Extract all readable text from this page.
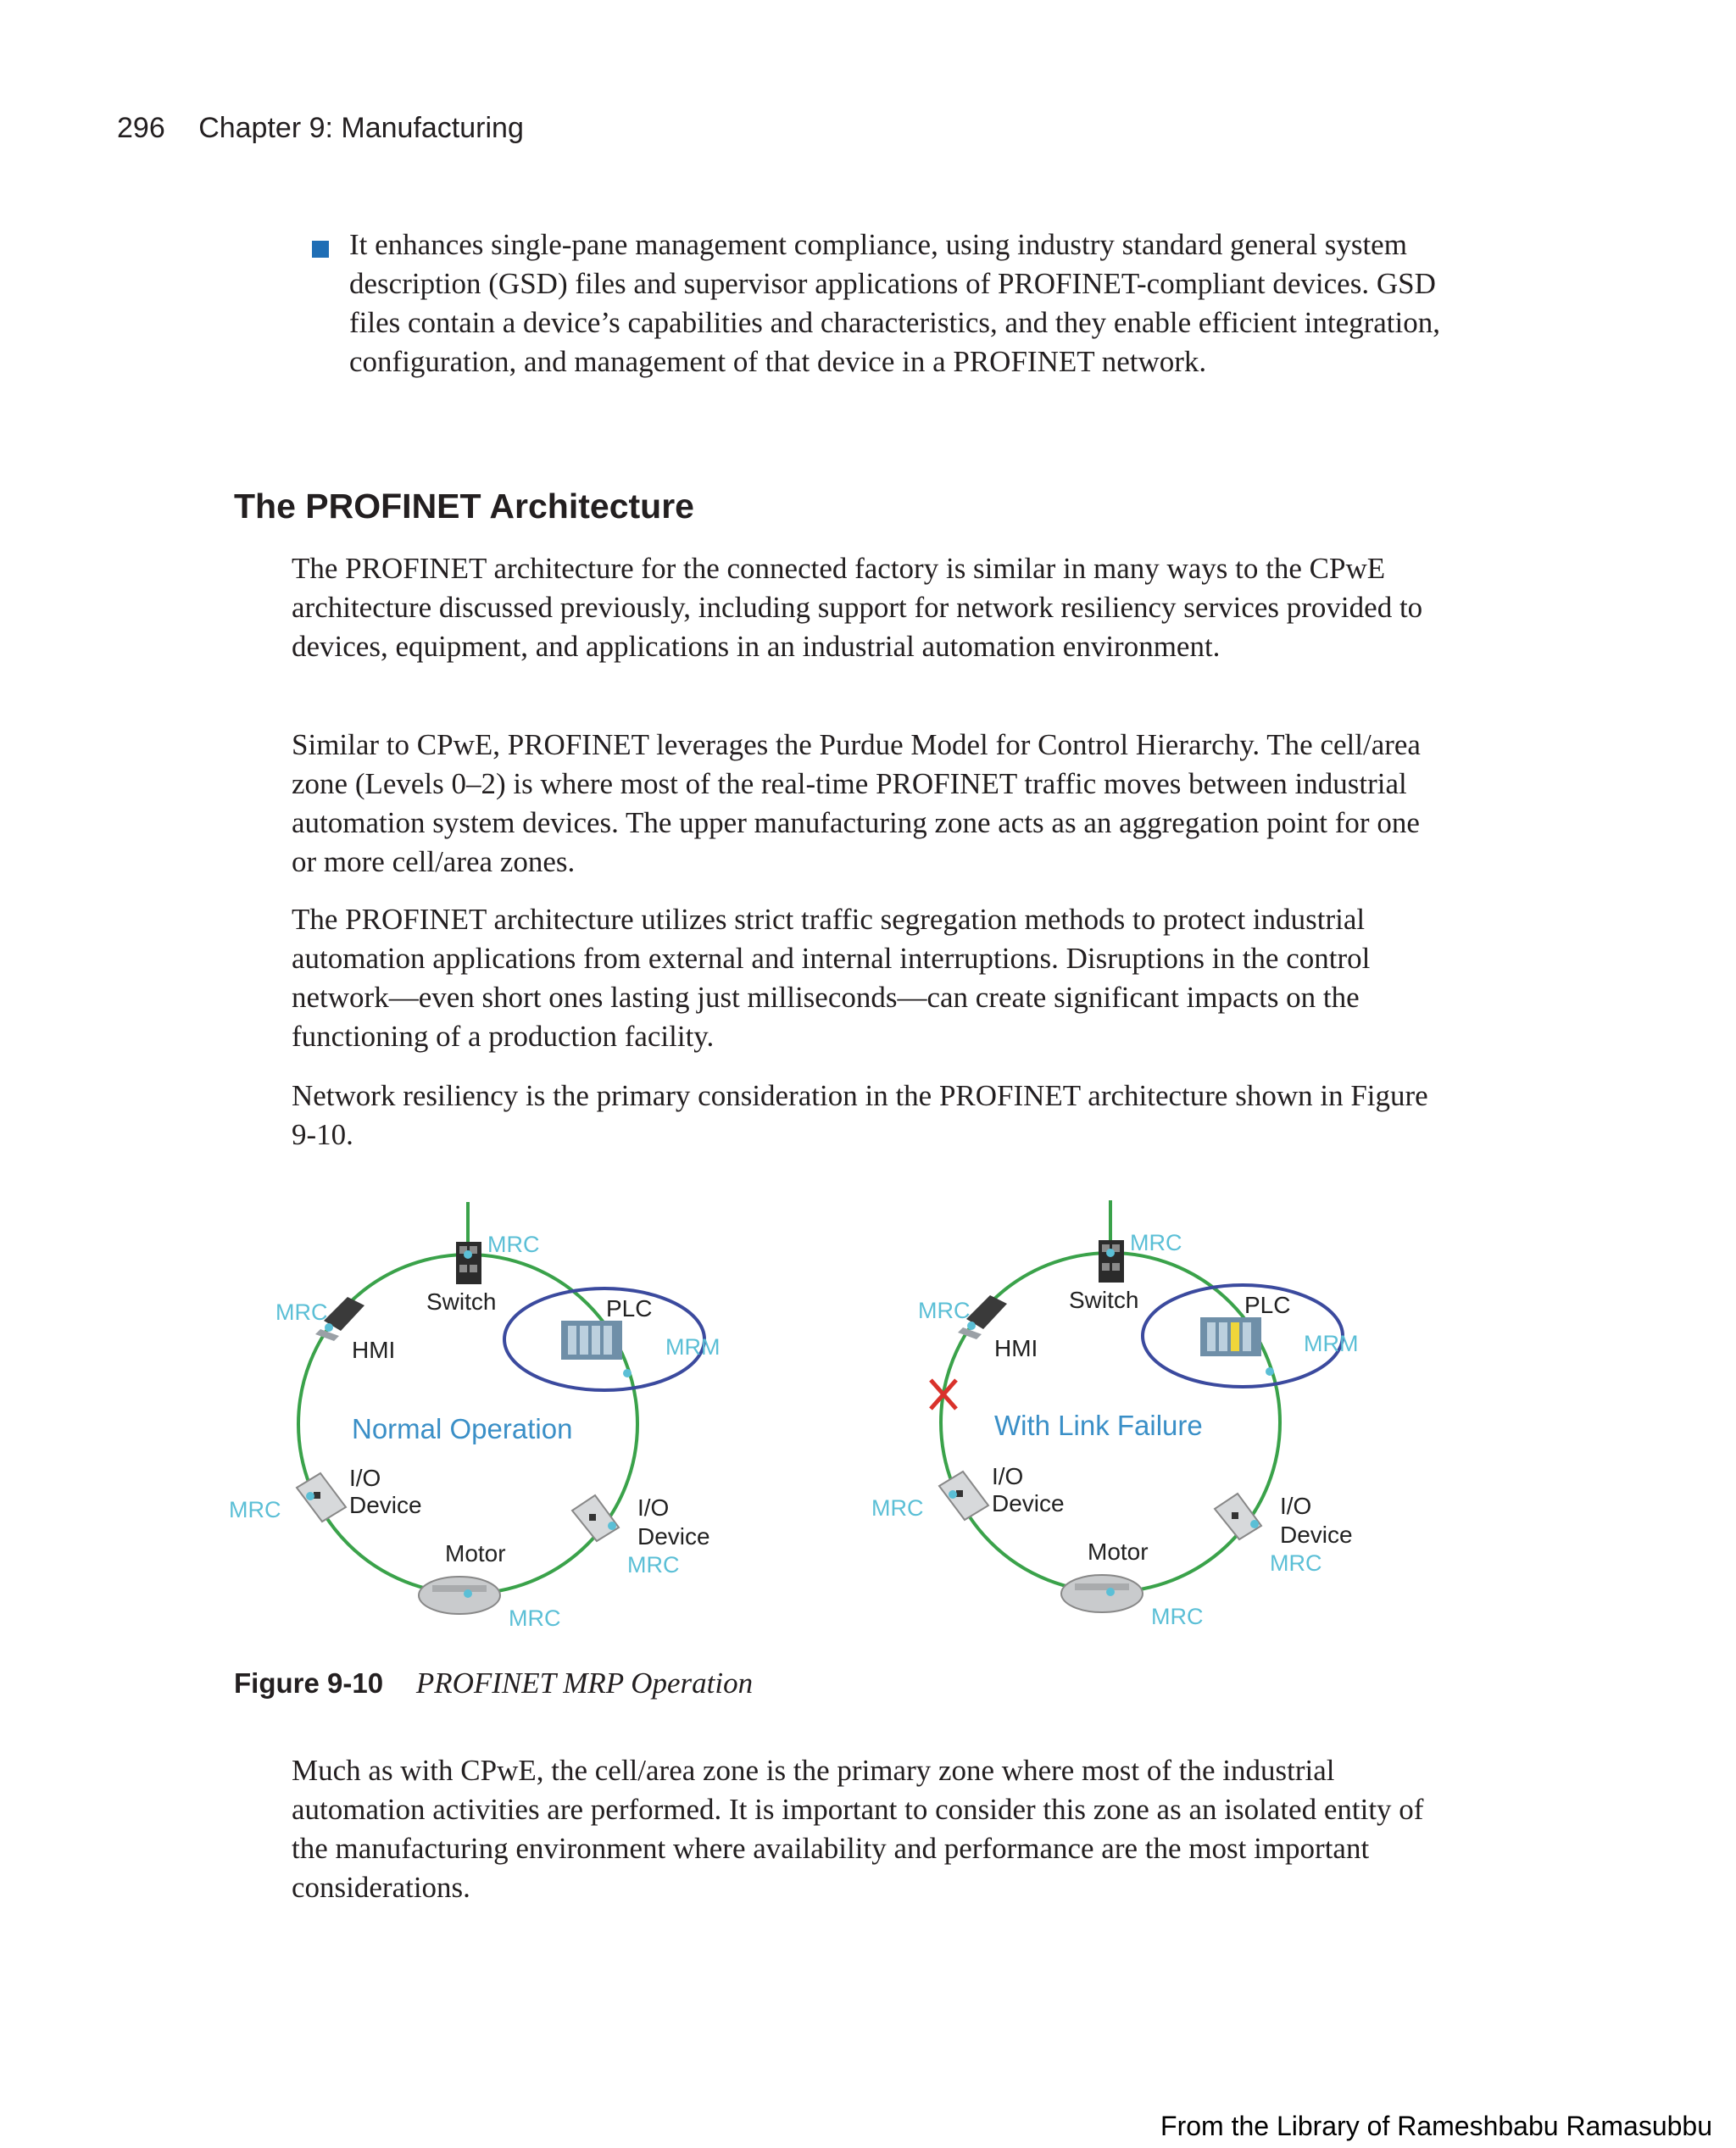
296 Chapter 9: Manufacturing
It enhances single-pane management compliance, using industry standard general system description (GSD) files and supervisor applications of PROFINET-compliant devices. GSD files contain a device’s capabilities and characteristics, and they enable efficient integration, configuration, and management of that device in a PROFINET network.
The PROFINET Architecture

The PROFINET architecture for the connected factory is similar in many ways to the CPwE architecture discussed previously, including support for network resiliency services provided to devices, equipment, and applications in an industrial automation environment.

Similar to CPwE, PROFINET leverages the Purdue Model for Control Hierarchy. The cell/area zone (Levels 0–2) is where most of the real-time PROFINET traffic moves between industrial automation system devices. The upper manufacturing zone acts as an aggregation point for one or more cell/area zones.

The PROFINET architecture utilizes strict traffic segregation methods to protect industrial automation applications from external and internal interruptions. Disruptions in the control network—even short ones lasting just milliseconds—can create significant impacts on the functioning of a production facility.

Network resiliency is the primary consideration in the PROFINET architecture shown in Figure 9-10.

MRC
Switch
MRC
HMI
PLC
MRM
Normal Operation
MRC
I/O
Device	I/O
Device
MRC
Motor
MRC
MRC
Switch
MRC
HMI
PLC
MRM
With Link Failure
MRC
I/O
Device	I/O
Device
MRC
Motor
MRC
Figure 9-10 PROFINET MRP Operation

Much as with CPwE, the cell/area zone is the primary zone where most of the industrial automation activities are performed. It is important to consider this zone as an isolated entity of the manufacturing environment where availability and performance are the most important considerations.

From the Library of Rameshbabu Ramasubbu
